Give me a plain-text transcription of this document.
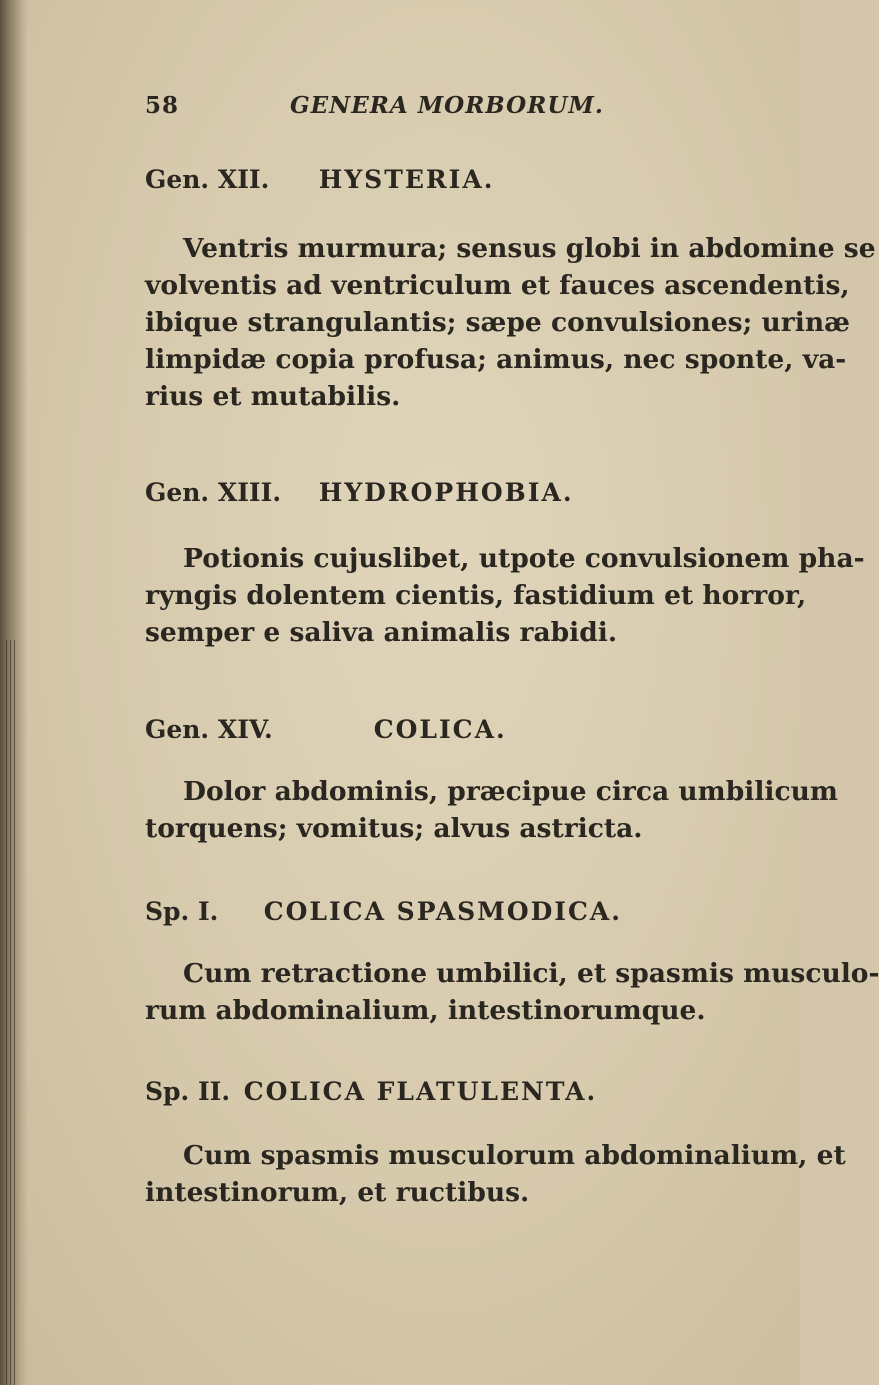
58	GENERA MORBORUM.
Gen. XII. HYSTERIA.
Ventris murmura; sensus globi in abdomine se
volventis ad ventriculum et fauces ascendentis,
ibique strangulantis; sæpe convulsiones; urinæ
limpidæ copia profusa; animus, nec sponte, va-
rius et mutabilis.
Gen. XIII. HYDROPHOBIA.
Potionis cujuslibet, utpote convulsionem pha-
ryngis dolentem cientis, fastidium et horror,
semper e saliva animalis rabidi.
Gen. XIV.	COLICA.
Dolor abdominis, præcipue circa umbilicum
torquens; vomitus; alvus astricta.
Sp. I. COLICA SPASMODICA.
Cum retractione umbilici, et spasmis musculo-
rum abdominalium, intestinorumque.
Sp. II. COLICA FLATULENTA.
Cum spasmis musculorum abdominalium, et
intestinorum, et ructibus.
